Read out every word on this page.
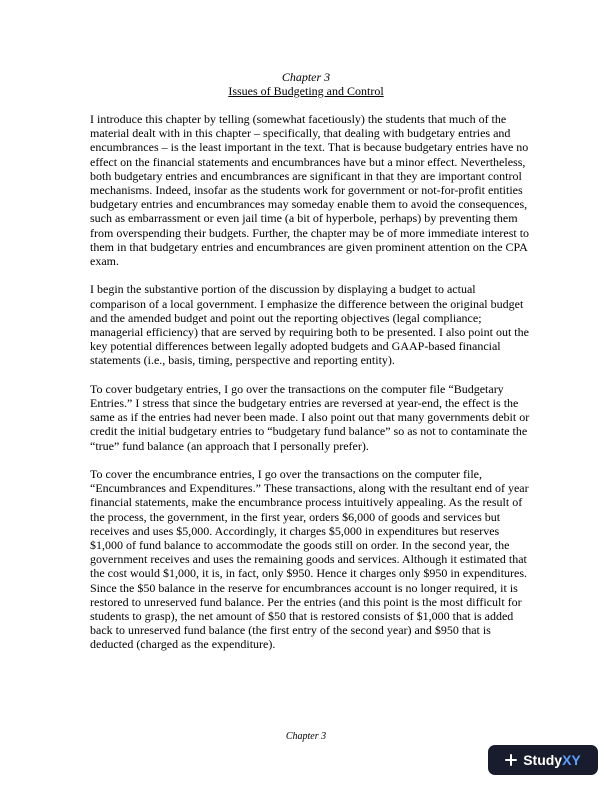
Chapter 3
Issues of Budgeting and Control

I introduce this chapter by telling (somewhat facetiously) the students that much of the material dealt with in this chapter – specifically, that dealing with budgetary entries and encumbrances – is the least important in the text. That is because budgetary entries have no effect on the financial statements and encumbrances have but a minor effect. Nevertheless, both budgetary entries and encumbrances are significant in that they are important control mechanisms. Indeed, insofar as the students work for government or not-for-profit entities budgetary entries and encumbrances may someday enable them to avoid the consequences, such as embarrassment or even jail time (a bit of hyperbole, perhaps) by preventing them from overspending their budgets. Further, the chapter may be of more immediate interest to them in that budgetary entries and encumbrances are given prominent attention on the CPA exam.

I begin the substantive portion of the discussion by displaying a budget to actual comparison of a local government. I emphasize the difference between the original budget and the amended budget and point out the reporting objectives (legal compliance; managerial efficiency) that are served by requiring both to be presented. I also point out the key potential differences between legally adopted budgets and GAAP-based financial statements (i.e., basis, timing, perspective and reporting entity).

To cover budgetary entries, I go over the transactions on the computer file “Budgetary Entries.” I stress that since the budgetary entries are reversed at year-end, the effect is the same as if the entries had never been made. I also point out that many governments debit or credit the initial budgetary entries to “budgetary fund balance” so as not to contaminate the “true” fund balance (an approach that I personally prefer).

To cover the encumbrance entries, I go over the transactions on the computer file, “Encumbrances and Expenditures.” These transactions, along with the resultant end of year financial statements, make the encumbrance process intuitively appealing. As the result of the process, the government, in the first year, orders $6,000 of goods and services but receives and uses $5,000. Accordingly, it charges $5,000 in expenditures but reserves $1,000 of fund balance to accommodate the goods still on order. In the second year, the government receives and uses the remaining goods and services. Although it estimated that the cost would $1,000, it is, in fact, only $950. Hence it charges only $950 in expenditures. Since the $50 balance in the reserve for encumbrances account is no longer required, it is restored to unreserved fund balance. Per the entries (and this point is the most difficult for students to grasp), the net amount of $50 that is restored consists of $1,000 that is added back to unreserved fund balance (the first entry of the second year) and $950 that is deducted (charged as the expenditure).

Chapter 3
StudyXY
